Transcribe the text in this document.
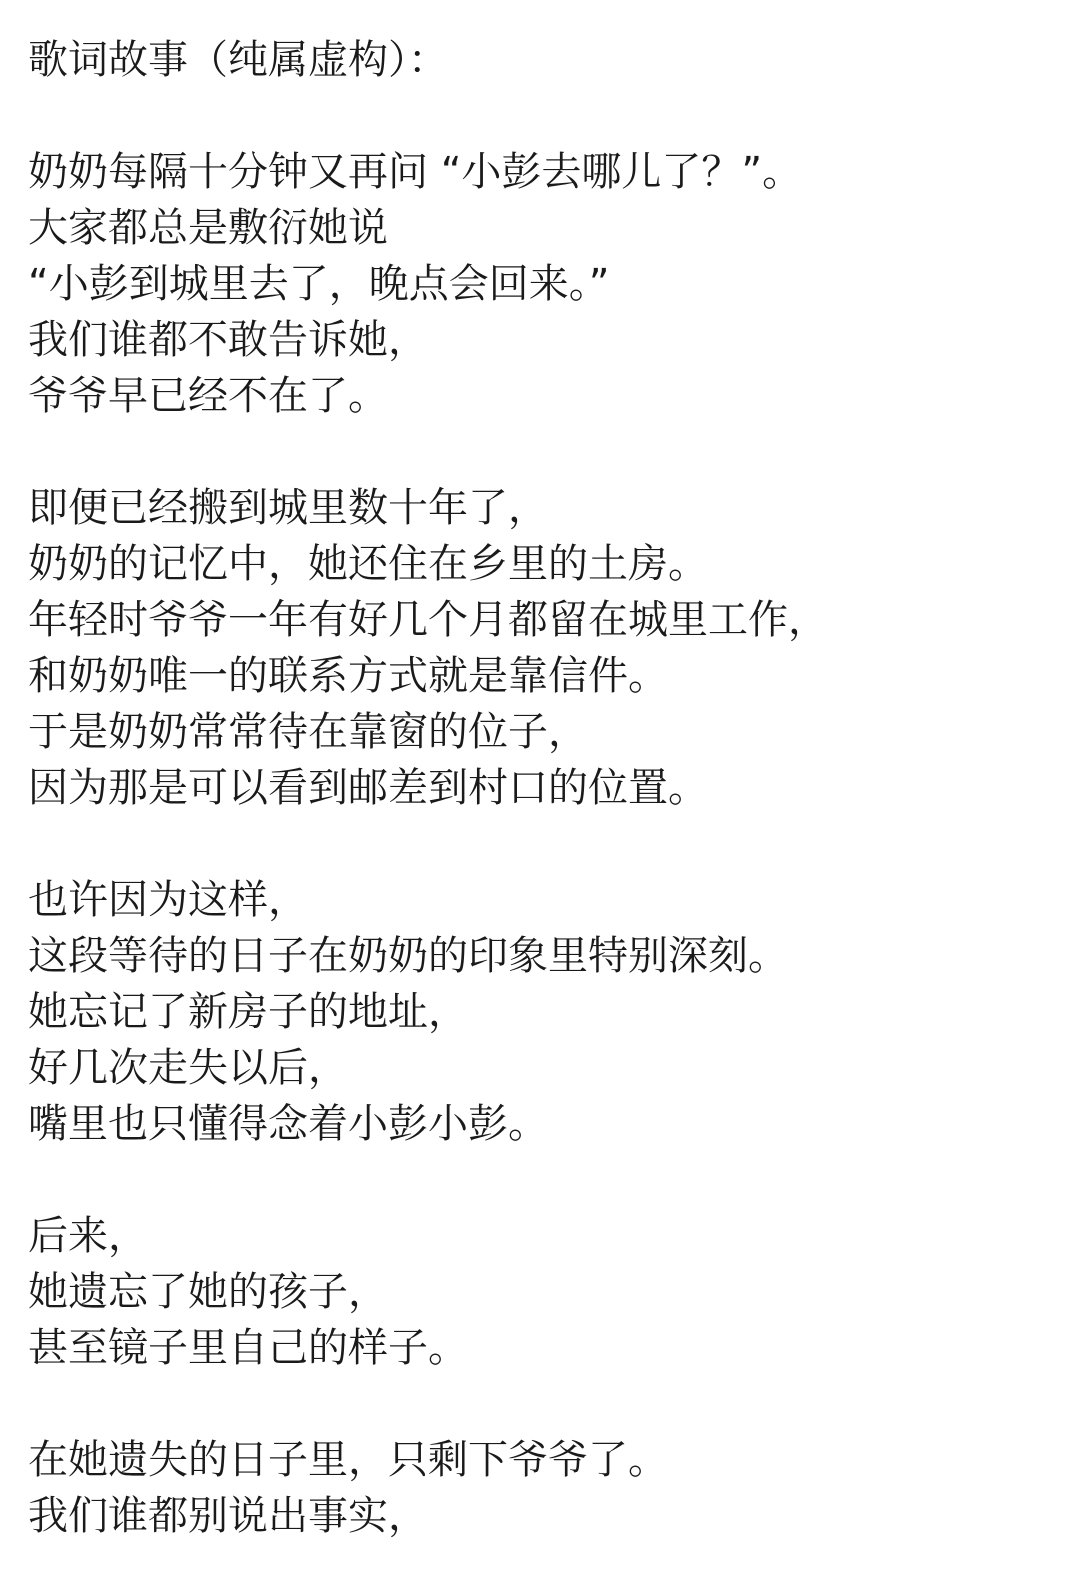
歌词故事（纯属虚构）：
奶奶每隔十分钟又再问 “小彭去哪儿了？”。
大家都总是敷衍她说
“小彭到城里去了，晚点会回来。”
我们谁都不敢告诉她，
爷爷早已经不在了。
即便已经搬到城里数十年了，
奶奶的记忆中，她还住在乡里的土房。
年轻时爷爷一年有好几个月都留在城里工作，
和奶奶唯一的联系方式就是靠信件。
于是奶奶常常待在靠窗的位子，
因为那是可以看到邮差到村口的位置。
也许因为这样，
这段等待的日子在奶奶的印象里特别深刻。
她忘记了新房子的地址，
好几次走失以后，
嘴里也只懂得念着小彭小彭。
后来，
她遗忘了她的孩子，
甚至镜子里自己的样子。
在她遗失的日子里，只剩下爷爷了。
我们谁都别说出事实，
